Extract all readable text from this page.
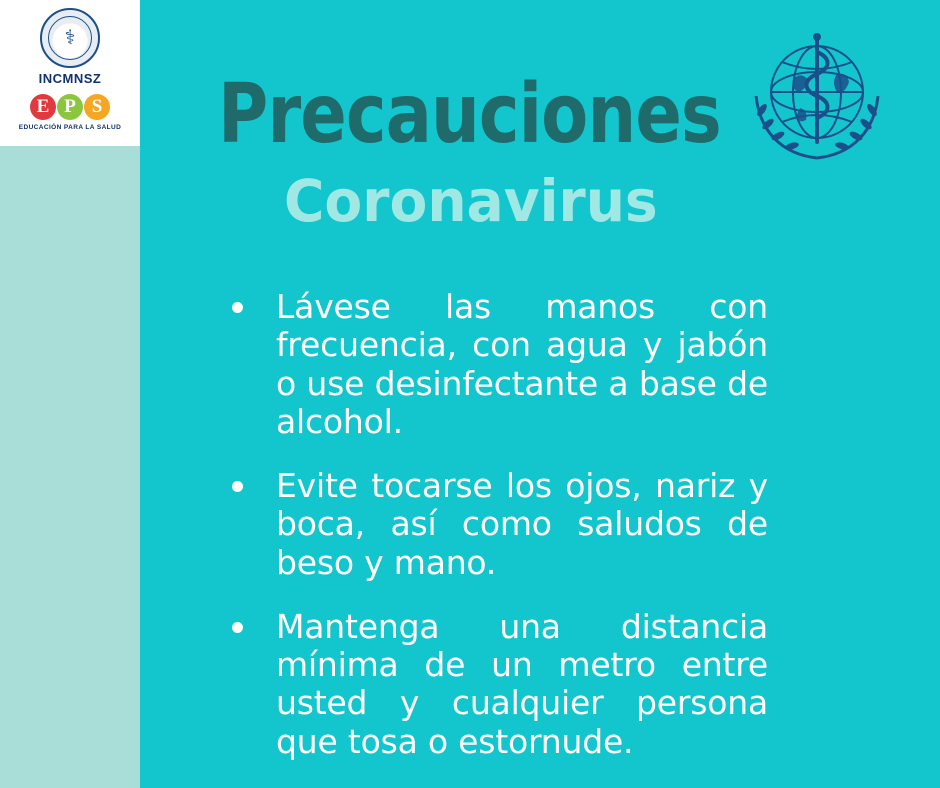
⚕
INCMNSZ
E P S
EDUCACIÓN PARA LA SALUD Precauciones
Coronavirus
Lávese las manos con frecuencia, con agua y jabón o use desinfectante a base de alcohol.
Evite tocarse los ojos, nariz y boca, así como saludos de beso y mano.
Mantenga una distancia mínima de un metro entre usted y cualquier persona que tosa o estornude.
